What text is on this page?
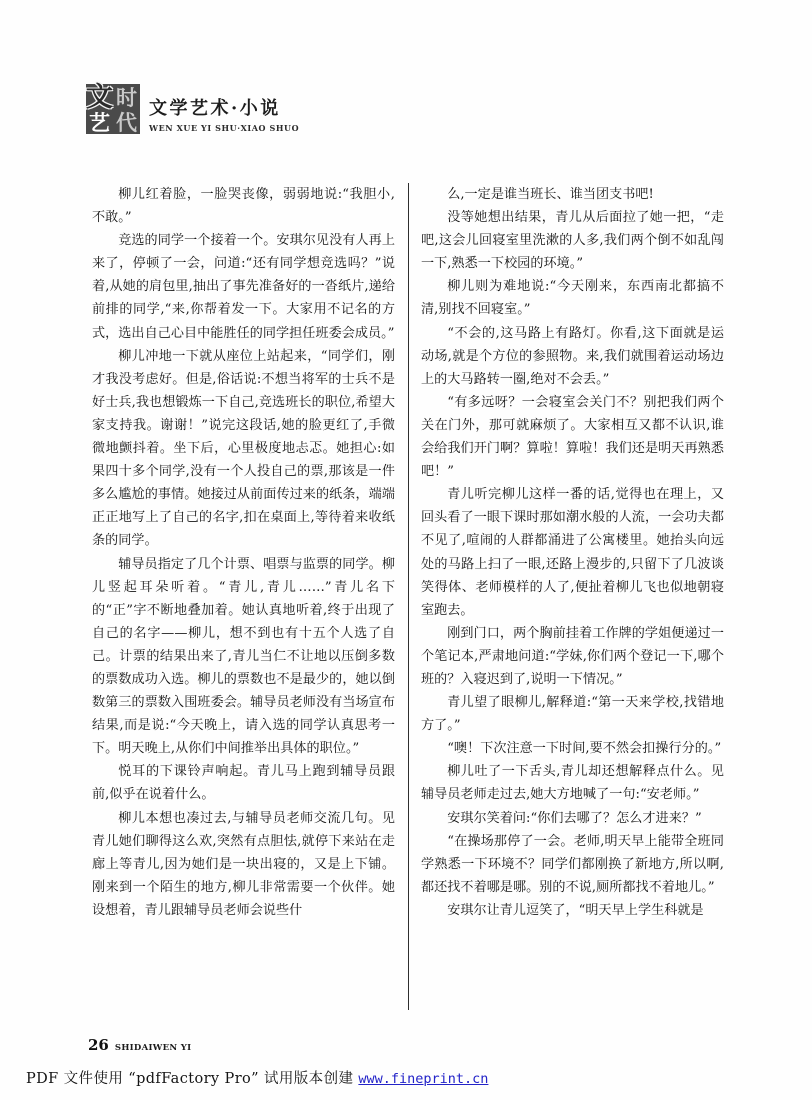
文 时
艺 代
文学艺术·小说
WEN XUE YI SHU·XIAO SHUO

柳儿红着脸，一脸哭丧像，弱弱地说:“我胆小,不敢。”

竞选的同学一个接着一个。安琪尔见没有人再上来了，停顿了一会，问道:“还有同学想竞选吗？”说着,从她的肩包里,抽出了事先准备好的一沓纸片,递给前排的同学,“来,你帮着发一下。大家用不记名的方式，选出自己心目中能胜任的同学担任班委会成员。”

柳儿冲地一下就从座位上站起来，“同学们，刚才我没考虑好。但是,俗话说:不想当将军的士兵不是好士兵,我也想锻炼一下自己,竞选班长的职位,希望大家支持我。谢谢！”说完这段话,她的脸更红了,手微微地颤抖着。坐下后，心里极度地忐忑。她担心:如果四十多个同学,没有一个人投自己的票,那该是一件多么尴尬的事情。她接过从前面传过来的纸条，端端正正地写上了自己的名字,扣在桌面上,等待着来收纸条的同学。

辅导员指定了几个计票、唱票与监票的同学。柳儿竖起耳朵听着。“青儿,青儿……”青儿名下的“正”字不断地叠加着。她认真地听着,终于出现了自己的名字——柳儿，想不到也有十五个人选了自己。计票的结果出来了,青儿当仁不让地以压倒多数的票数成功入选。柳儿的票数也不是最少的，她以倒数第三的票数入围班委会。辅导员老师没有当场宣布结果,而是说:“今天晚上，请入选的同学认真思考一下。明天晚上,从你们中间推举出具体的职位。”

悦耳的下课铃声响起。青儿马上跑到辅导员跟前,似乎在说着什么。

柳儿本想也凑过去,与辅导员老师交流几句。见青儿她们聊得这么欢,突然有点胆怯,就停下来站在走廊上等青儿,因为她们是一块出寝的，又是上下铺。刚来到一个陌生的地方,柳儿非常需要一个伙伴。她设想着，青儿跟辅导员老师会说些什

么,一定是谁当班长、谁当团支书吧!

没等她想出结果，青儿从后面拉了她一把，“走吧,这会儿回寝室里洗漱的人多,我们两个倒不如乱闯一下,熟悉一下校园的环境。”

柳儿则为难地说:“今天刚来，东西南北都搞不清,别找不回寝室。”

“不会的,这马路上有路灯。你看,这下面就是运动场,就是个方位的参照物。来,我们就围着运动场边上的大马路转一圈,绝对不会丢。”

“有多远呀？一会寝室会关门不？别把我们两个关在门外，那可就麻烦了。大家相互又都不认识,谁会给我们开门啊？算啦！算啦！我们还是明天再熟悉吧！”

青儿听完柳儿这样一番的话,觉得也在理上，又回头看了一眼下课时那如潮水般的人流，一会功夫都不见了,喧闹的人群都涌进了公寓楼里。她抬头向远处的马路上扫了一眼,还路上漫步的,只留下了几波谈笑得体、老师模样的人了,便扯着柳儿飞也似地朝寝室跑去。

刚到门口，两个胸前挂着工作牌的学姐便递过一个笔记本,严肃地问道:“学妹,你们两个登记一下,哪个班的？入寝迟到了,说明一下情况。”

青儿望了眼柳儿,解释道:“第一天来学校,找错地方了。”

“噢！下次注意一下时间,要不然会扣操行分的。”

柳儿吐了一下舌头,青儿却还想解释点什么。见辅导员老师走过去,她大方地喊了一句:“安老师。”

安琪尔笑着问:“你们去哪了？怎么才进来？”

“在操场那停了一会。老师,明天早上能带全班同学熟悉一下环境不？同学们都刚换了新地方,所以啊,都还找不着哪是哪。别的不说,厕所都找不着地儿。”

安琪尔让青儿逗笑了，“明天早上学生科就是

26 SHIDAIWEN YI
PDF 文件使用 “pdfFactory Pro” 试用版本创建 www.fineprint.cn
